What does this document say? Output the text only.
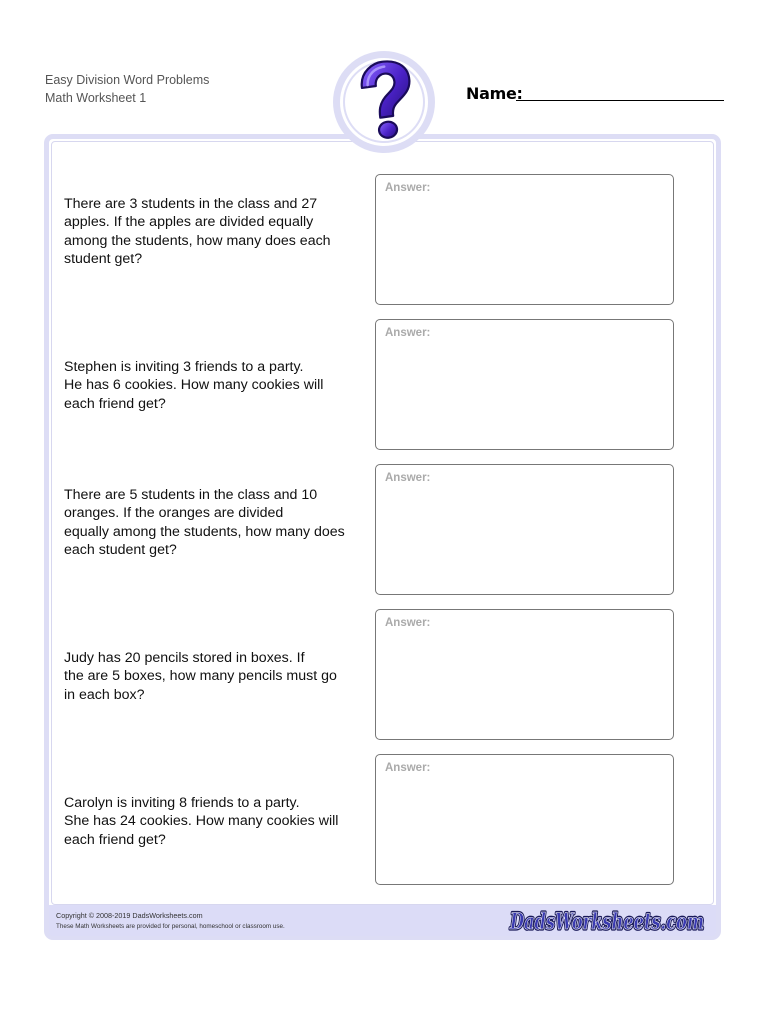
Easy Division Word Problems
Math Worksheet 1	Name:
There are 3 students in the class and 27
apples. If the apples are divided equally
among the students, how many does each
student get?
Answer:
Stephen is inviting 3 friends to a party.
He has 6 cookies. How many cookies will
each friend get?
Answer:
There are 5 students in the class and 10
oranges. If the oranges are divided
equally among the students, how many does
each student get?
Answer:
Judy has 20 pencils stored in boxes. If
the are 5 boxes, how many pencils must go
in each box?
Answer:
Carolyn is inviting 8 friends to a party.
She has 24 cookies. How many cookies will
each friend get?
Answer:
Copyright © 2008-2019 DadsWorksheets.com
These Math Worksheets are provided for personal, homeschool or classroom use.	DadsWorksheets.com
DadsWorksheets.com
